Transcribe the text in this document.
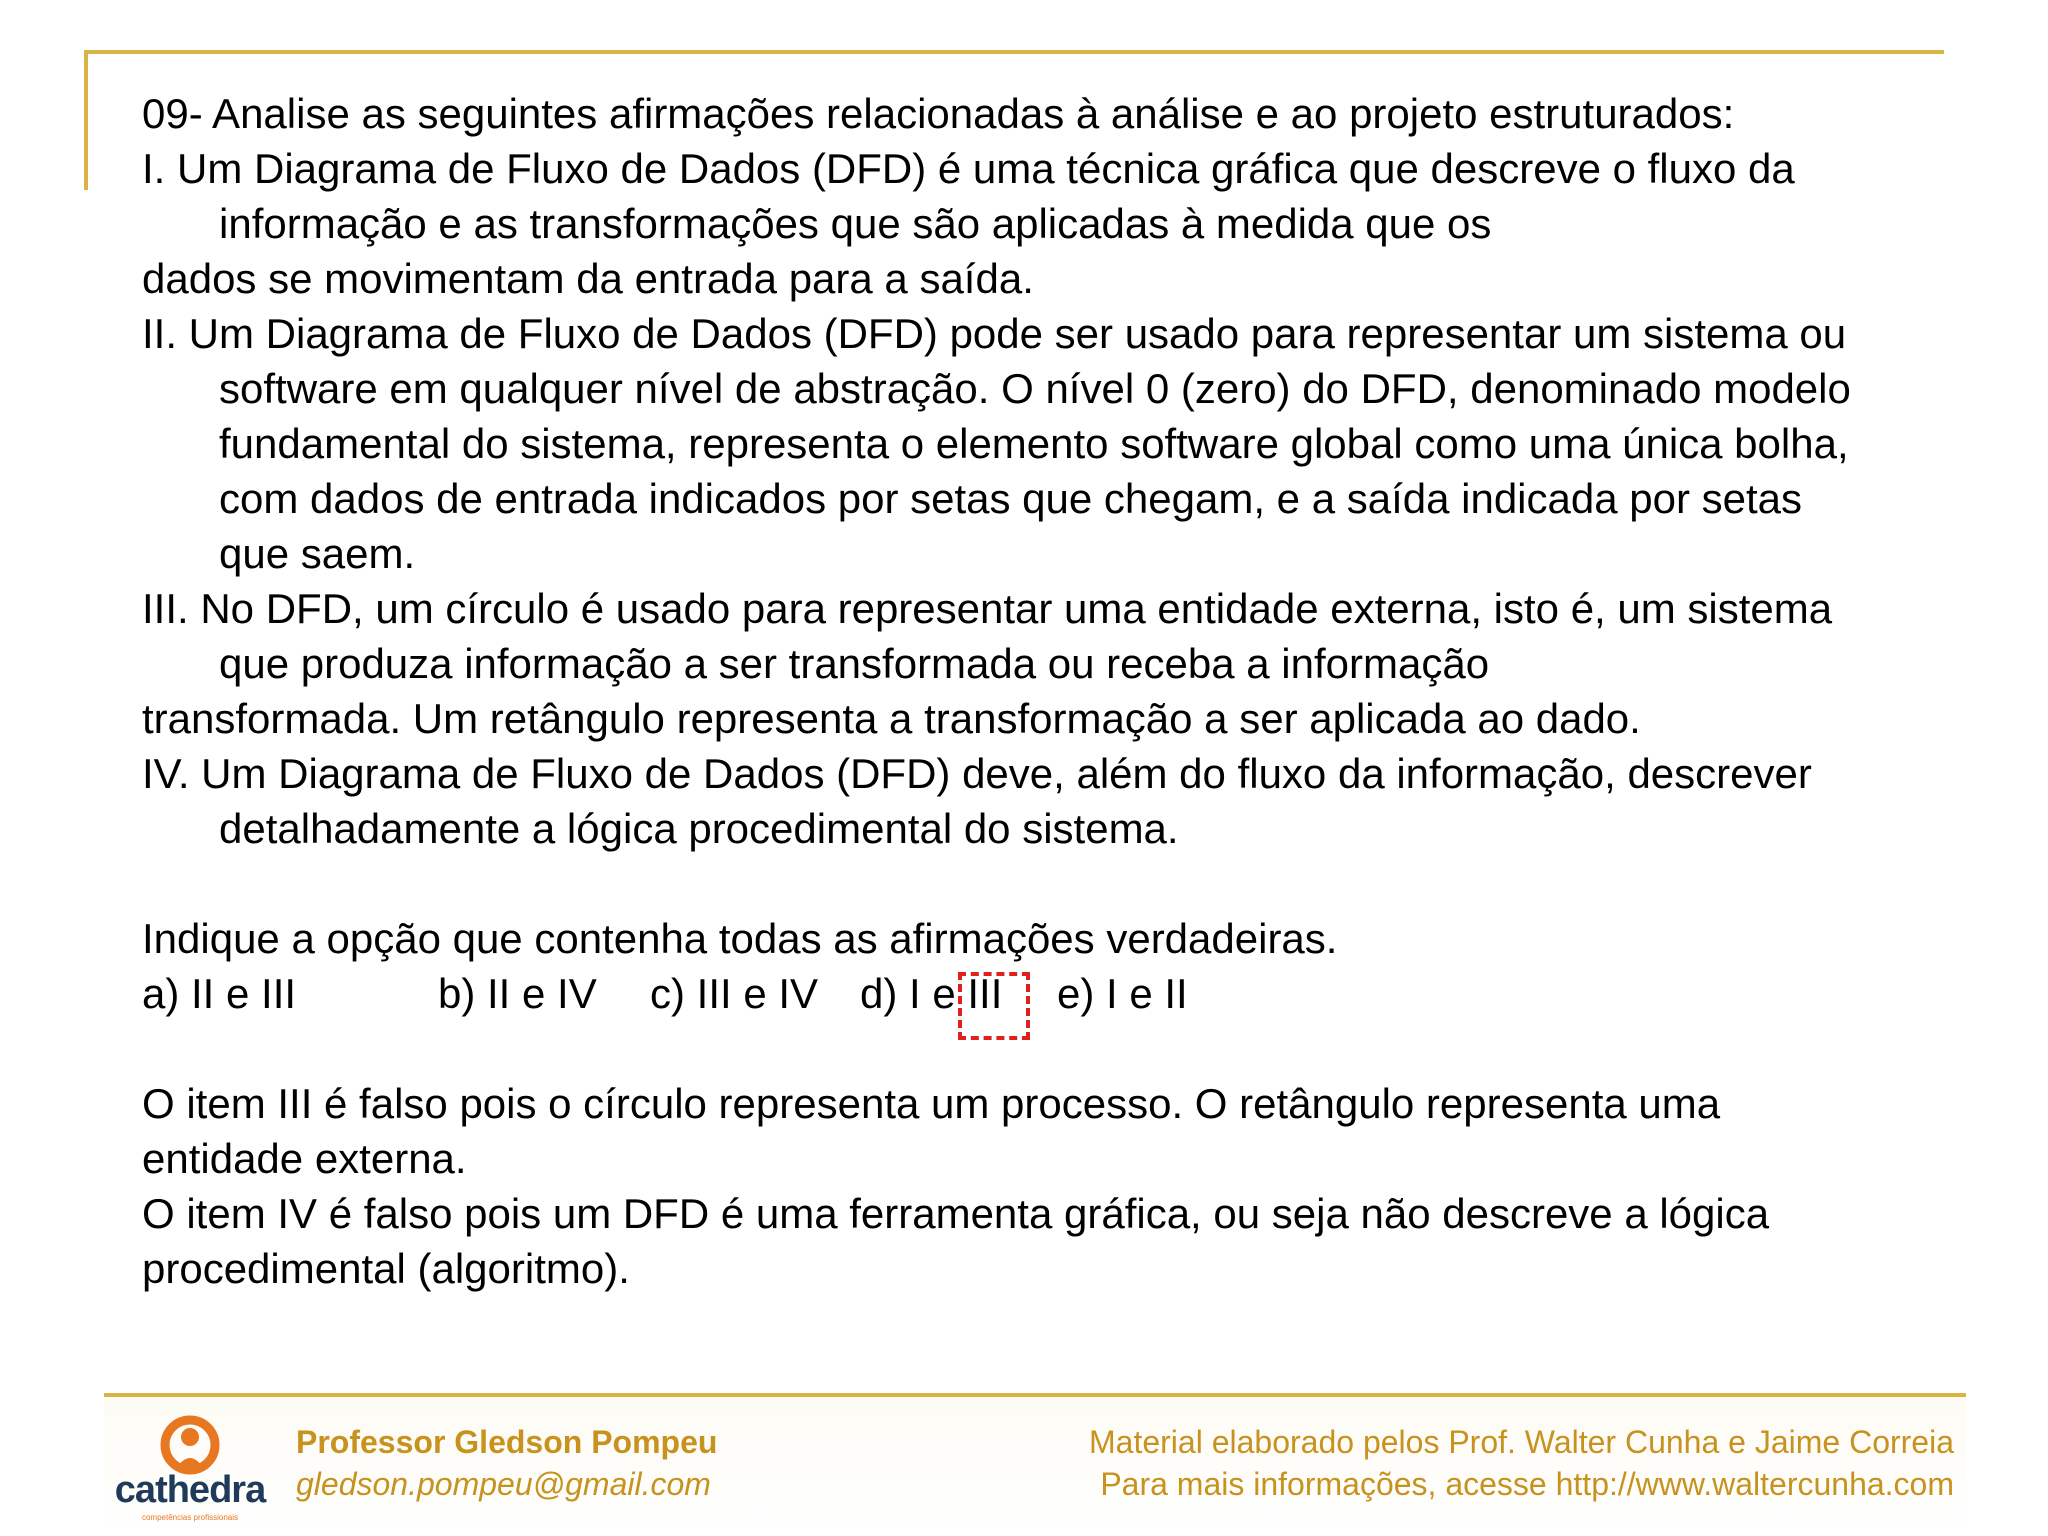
09- Analise as seguintes afirmações relacionadas à análise e ao projeto estruturados:
I. Um Diagrama de Fluxo de Dados (DFD) é uma técnica gráfica que descreve o fluxo da
informação e as transformações que são aplicadas à medida que os
dados se movimentam da entrada para a saída.
II. Um Diagrama de Fluxo de Dados (DFD) pode ser usado para representar um sistema ou
software em qualquer nível de abstração. O nível 0 (zero) do DFD, denominado modelo
fundamental do sistema, representa o elemento software global como uma única bolha,
com dados de entrada indicados por setas que chegam, e a saída indicada por setas
que saem.
III. No DFD, um círculo é usado para representar uma entidade externa, isto é, um sistema
que produza informação a ser transformada ou receba a informação
transformada. Um retângulo representa a transformação a ser aplicada ao dado.
IV. Um Diagrama de Fluxo de Dados (DFD) deve, além do fluxo da informação, descrever
detalhadamente a lógica procedimental do sistema.
Indique a opção que contenha todas as afirmações verdadeiras.
a) II e III	b) II e IV c) III e IV d) I e III e) I e II
O item III é falso pois o círculo representa um processo. O retângulo representa uma
entidade externa.
O item IV é falso pois um DFD é uma ferramenta gráfica, ou seja não descreve a lógica
procedimental (algoritmo).
cathedra
competências profissionais
Professor Gledson Pompeu
gledson.pompeu@gmail.com
Material elaborado pelos Prof. Walter Cunha e Jaime Correia
Para mais informações, acesse http://www.waltercunha.com
